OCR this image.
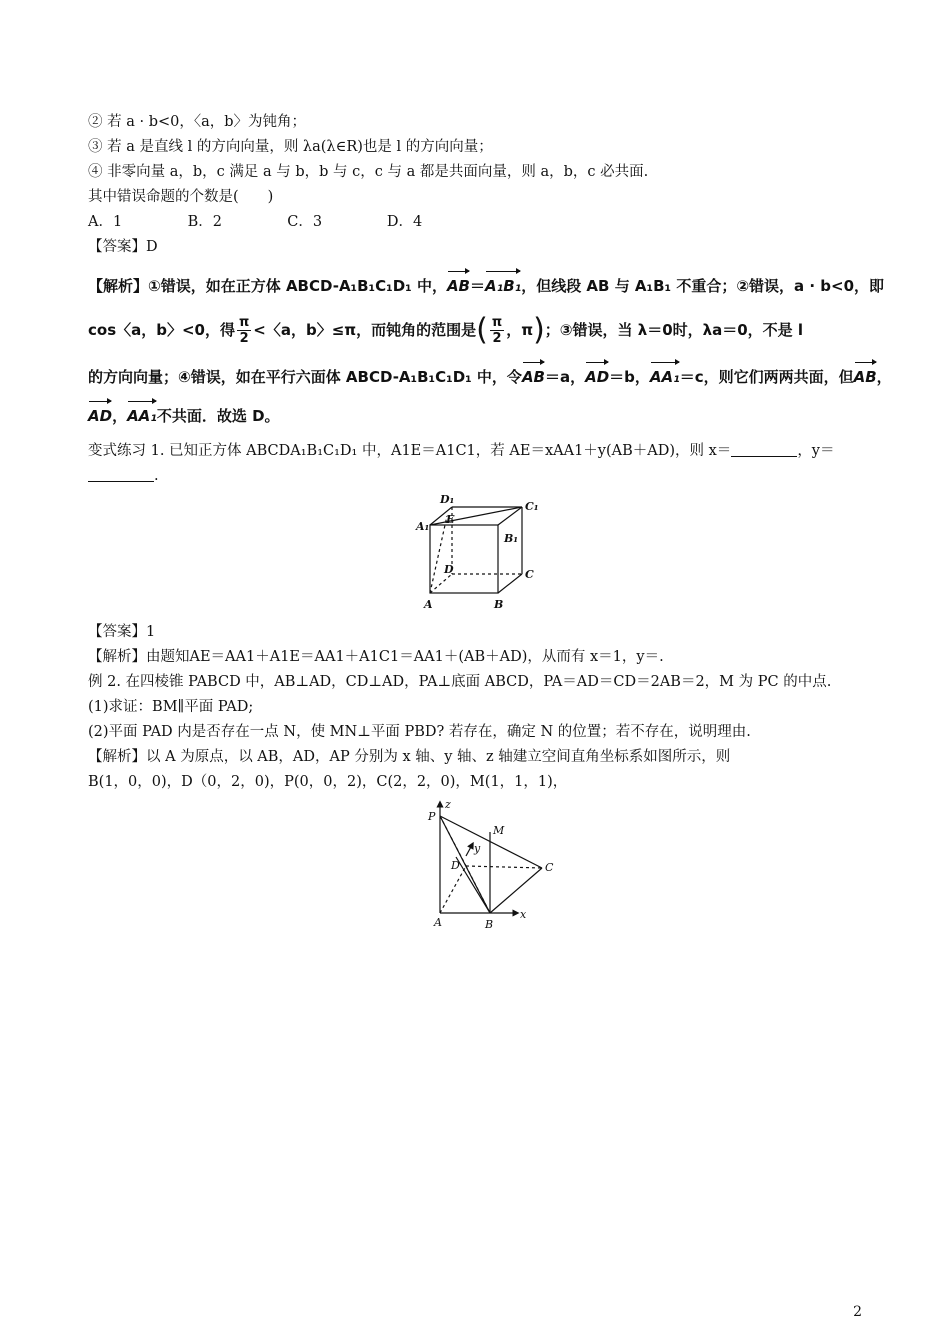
② 若 a · b<0，〈a，b〉为钝角；
③ 若 a 是直线 l 的方向向量，则 λa(λ∈R)也是 l 的方向向量；
④ 非零向量 a，b，c 满足 a 与 b，b 与 c，c 与 a 都是共面向量，则 a，b，c 必共面.
其中错误命题的个数是(　　)
A．1	B．2	C．3	D．4
【答案】D
【解析】①错误，如在正方体 ABCD-A₁B₁C₁D₁ 中，AB＝A₁B₁，但线段 AB 与 A₁B₁ 不重合；②错误，a · b<0，即
cos〈a，b〉<0，得 $\frac{\pi}{2}$ <〈a，b〉≤π，而钝角的范围是( $\frac{\pi}{2}$ ，π)；③错误，当 λ＝0时，λa＝0，不是 l
的方向向量；④错误，如在平行六面体 ABCD-A₁B₁C₁D₁ 中，令AB＝a，AD＝b，AA₁＝c，则它们两两共面，但AB，
AD，AA₁不共面．故选 D。
变式练习 1. 已知正方体 ABCDA₁B₁C₁D₁ 中，A1E＝A1C1，若 AE＝xAA1＋y(AB＋AD)，则 x＝	，y＝
.
A₁
D₁
E
C₁
B₁
D	C
A	B
【答案】1
【解析】由题知AE＝AA1＋A1E＝AA1＋A1C1＝AA1＋(AB＋AD)，从而有 x＝1，y＝.
例 2. 在四棱锥 PABCD 中，AB⊥AD，CD⊥AD，PA⊥底面 ABCD，PA＝AD＝CD＝2AB＝2，M 为 PC 的中点.
(1)求证：BM∥平面 PAD;
(2)平面 PAD 内是否存在一点 N，使 MN⊥平面 PBD? 若存在，确定 N 的位置；若不存在，说明理由.
【解析】以 A 为原点，以 AB，AD，AP 分别为 x 轴、y 轴、z 轴建立空间直角坐标系如图所示，则
B(1，0，0)，D（0，2，0)，P(0，0，2)，C(2，2，0)，M(1，1，1)，
z
P
M
y
D	C
A	B
x
2
